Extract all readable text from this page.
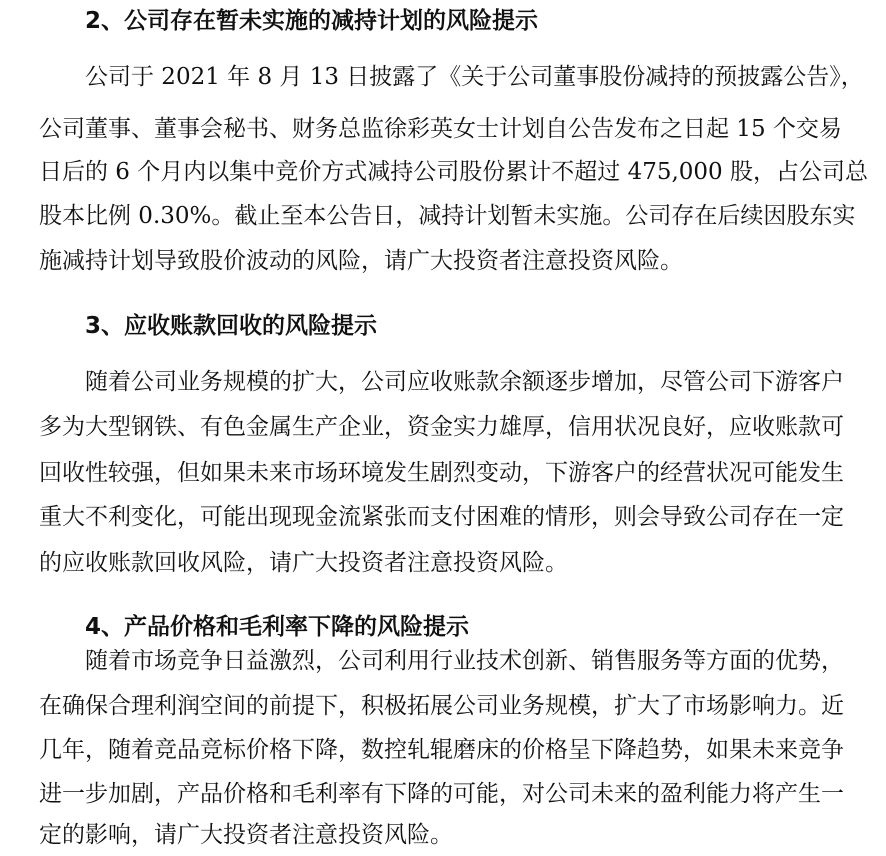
2、公司存在暂未实施的减持计划的风险提示
公司于 2021 年 8 月 13 日披露了《关于公司董事股份减持的预披露公告》，
公司董事、董事会秘书、财务总监徐彩英女士计划自公告发布之日起 15 个交易
日后的 6 个月内以集中竞价方式减持公司股份累计不超过 475,000 股，占公司总
股本比例 0.30%。截止至本公告日，减持计划暂未实施。公司存在后续因股东实
施减持计划导致股价波动的风险，请广大投资者注意投资风险。
3、应收账款回收的风险提示
随着公司业务规模的扩大，公司应收账款余额逐步增加，尽管公司下游客户
多为大型钢铁、有色金属生产企业，资金实力雄厚，信用状况良好，应收账款可
回收性较强，但如果未来市场环境发生剧烈变动，下游客户的经营状况可能发生
重大不利变化，可能出现现金流紧张而支付困难的情形，则会导致公司存在一定
的应收账款回收风险，请广大投资者注意投资风险。
4、产品价格和毛利率下降的风险提示
随着市场竞争日益激烈，公司利用行业技术创新、销售服务等方面的优势，
在确保合理利润空间的前提下，积极拓展公司业务规模，扩大了市场影响力。近
几年，随着竞品竞标价格下降，数控轧辊磨床的价格呈下降趋势，如果未来竞争
进一步加剧，产品价格和毛利率有下降的可能，对公司未来的盈利能力将产生一
定的影响，请广大投资者注意投资风险。
